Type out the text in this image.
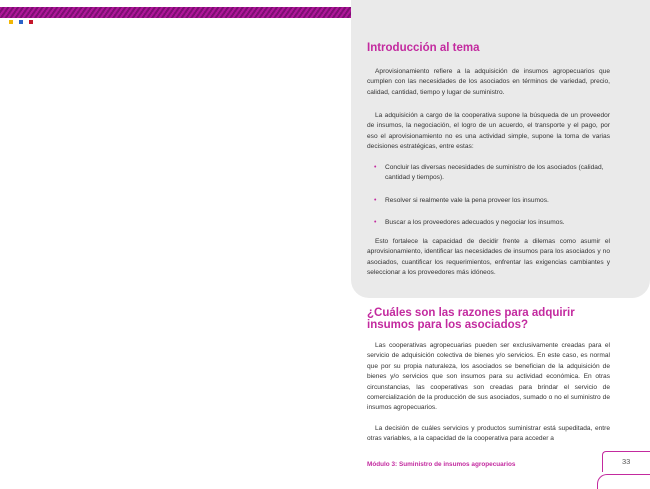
Introducción al tema

Aprovisionamiento refiere a la adquisición de insumos agropecuarios que cumplen con las necesidades de los asociados en términos de variedad, precio, calidad, cantidad, tiempo y lugar de suministro.

La adquisición a cargo de la cooperativa supone la búsqueda de un proveedor de insumos, la negociación, el logro de un acuerdo, el transporte y el pago, por eso el aprovisionamiento no es una actividad simple, supone la toma de varias decisiones estratégicas, entre estas:

• Concluir las diversas necesidades de suministro de los asociados (calidad, cantidad y tiempos).
• Resolver si realmente vale la pena proveer los insumos.
• Buscar a los proveedores adecuados y negociar los insumos.

Esto fortalece la capacidad de decidir frente a dilemas como asumir el aprovisionamiento, identificar las necesidades de insumos para los asociados y no asociados, cuantificar los requerimientos, enfrentar las exigencias cambiantes y seleccionar a los proveedores más idóneos.

¿Cuáles son las razones para adquirir insumos para los asociados?

Las cooperativas agropecuarias pueden ser exclusivamente creadas para el servicio de adquisición colectiva de bienes y/o servicios. En este caso, es normal que por su propia naturaleza, los asociados se benefician de la adquisición de bienes y/o servicios que son insumos para su actividad económica. En otras circunstancias, las cooperativas son creadas para brindar el servicio de comercialización de la producción de sus asociados, sumado o no el suministro de insumos agropecuarios.

La decisión de cuáles servicios y productos suministrar está supeditada, entre otras variables, a la capacidad de la cooperativa para acceder a

Módulo 3: Suministro de insumos agropecuarios	33
